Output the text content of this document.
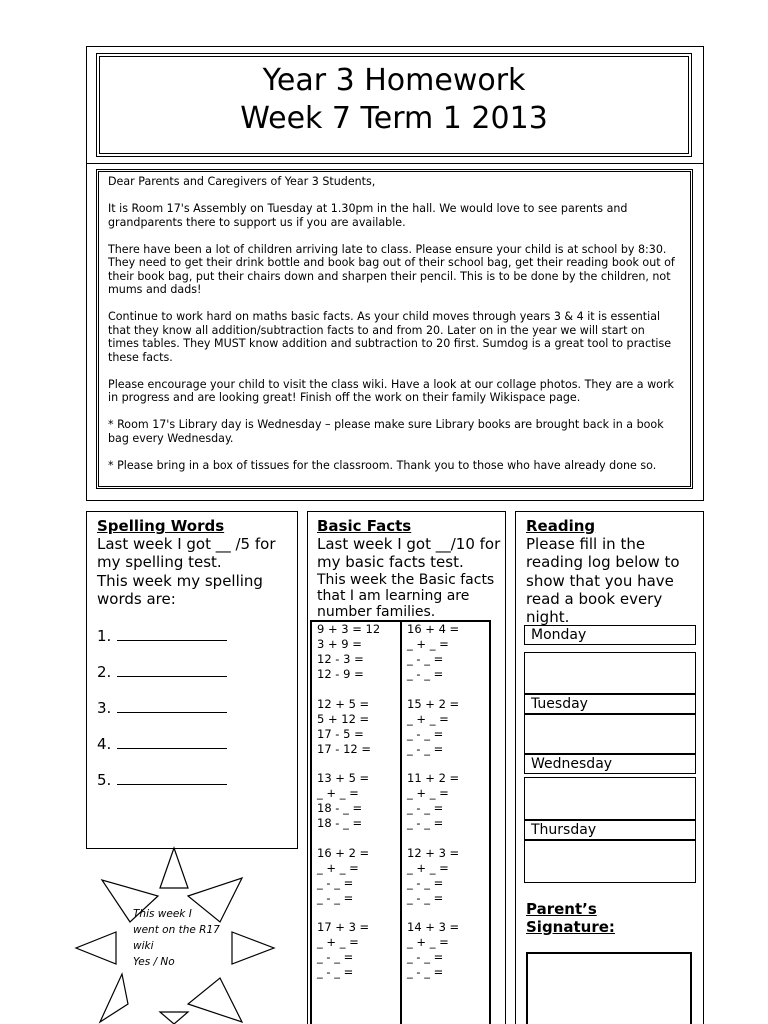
Year 3 Homework
Week 7 Term 1 2013

Dear Parents and Caregivers of Year 3 Students,

It is Room 17's Assembly on Tuesday at 1.30pm in the hall. We would love to see parents and grandparents there to support us if you are available.

There have been a lot of children arriving late to class. Please ensure your child is at school by 8:30. They need to get their drink bottle and book bag out of their school bag, get their reading book out of their book bag, put their chairs down and sharpen their pencil. This is to be done by the children, not mums and dads!

Continue to work hard on maths basic facts. As your child moves through years 3 & 4 it is essential that they know all addition/subtraction facts to and from 20. Later on in the year we will start on times tables. They MUST know addition and subtraction to 20 first. Sumdog is a great tool to practise these facts.

Please encourage your child to visit the class wiki. Have a look at our collage photos. They are a work in progress and are looking great! Finish off the work on their family Wikispace page.

* Room 17's Library day is Wednesday – please make sure Library books are brought back in a book bag every Wednesday.

* Please bring in a box of tissues for the classroom. Thank you to those who have already done so.

Spelling Words
Last week I got __ /5 for my spelling test.
This week my spelling words are:
1.
2.
3.
4.
5.
This week I
went on the R17
wiki
Yes / No
Basic Facts
Last week I got __/10 for my basic facts test.
This week the Basic facts that I am learning are number families.
9 + 3 = 12
3 + 9 =
12 - 3 =
12 - 9 =
12 + 5 =
5 + 12 =
17 - 5 =
17 - 12 =
13 + 5 =
_ + _ =
18 - _ =
18 - _ =
16 + 2 =
_ + _ =
_ - _ =
_ - _ =
17 + 3 =
_ + _ =
_ - _ =
_ - _ =
16 + 4 =
_ + _ =
_ - _ =
_ - _ =
15 + 2 =
_ + _ =
_ - _ =
_ - _ =
11 + 2 =
_ + _ =
_ - _ =
_ - _ =
12 + 3 =
_ + _ =
_ - _ =
_ - _ =
14 + 3 =
_ + _ =
_ - _ =
_ - _ =
Reading
Please fill in the reading log below to show that you have read a book every night.
Parent’s
Signature:
Monday
Tuesday
Wednesday
Thursday
